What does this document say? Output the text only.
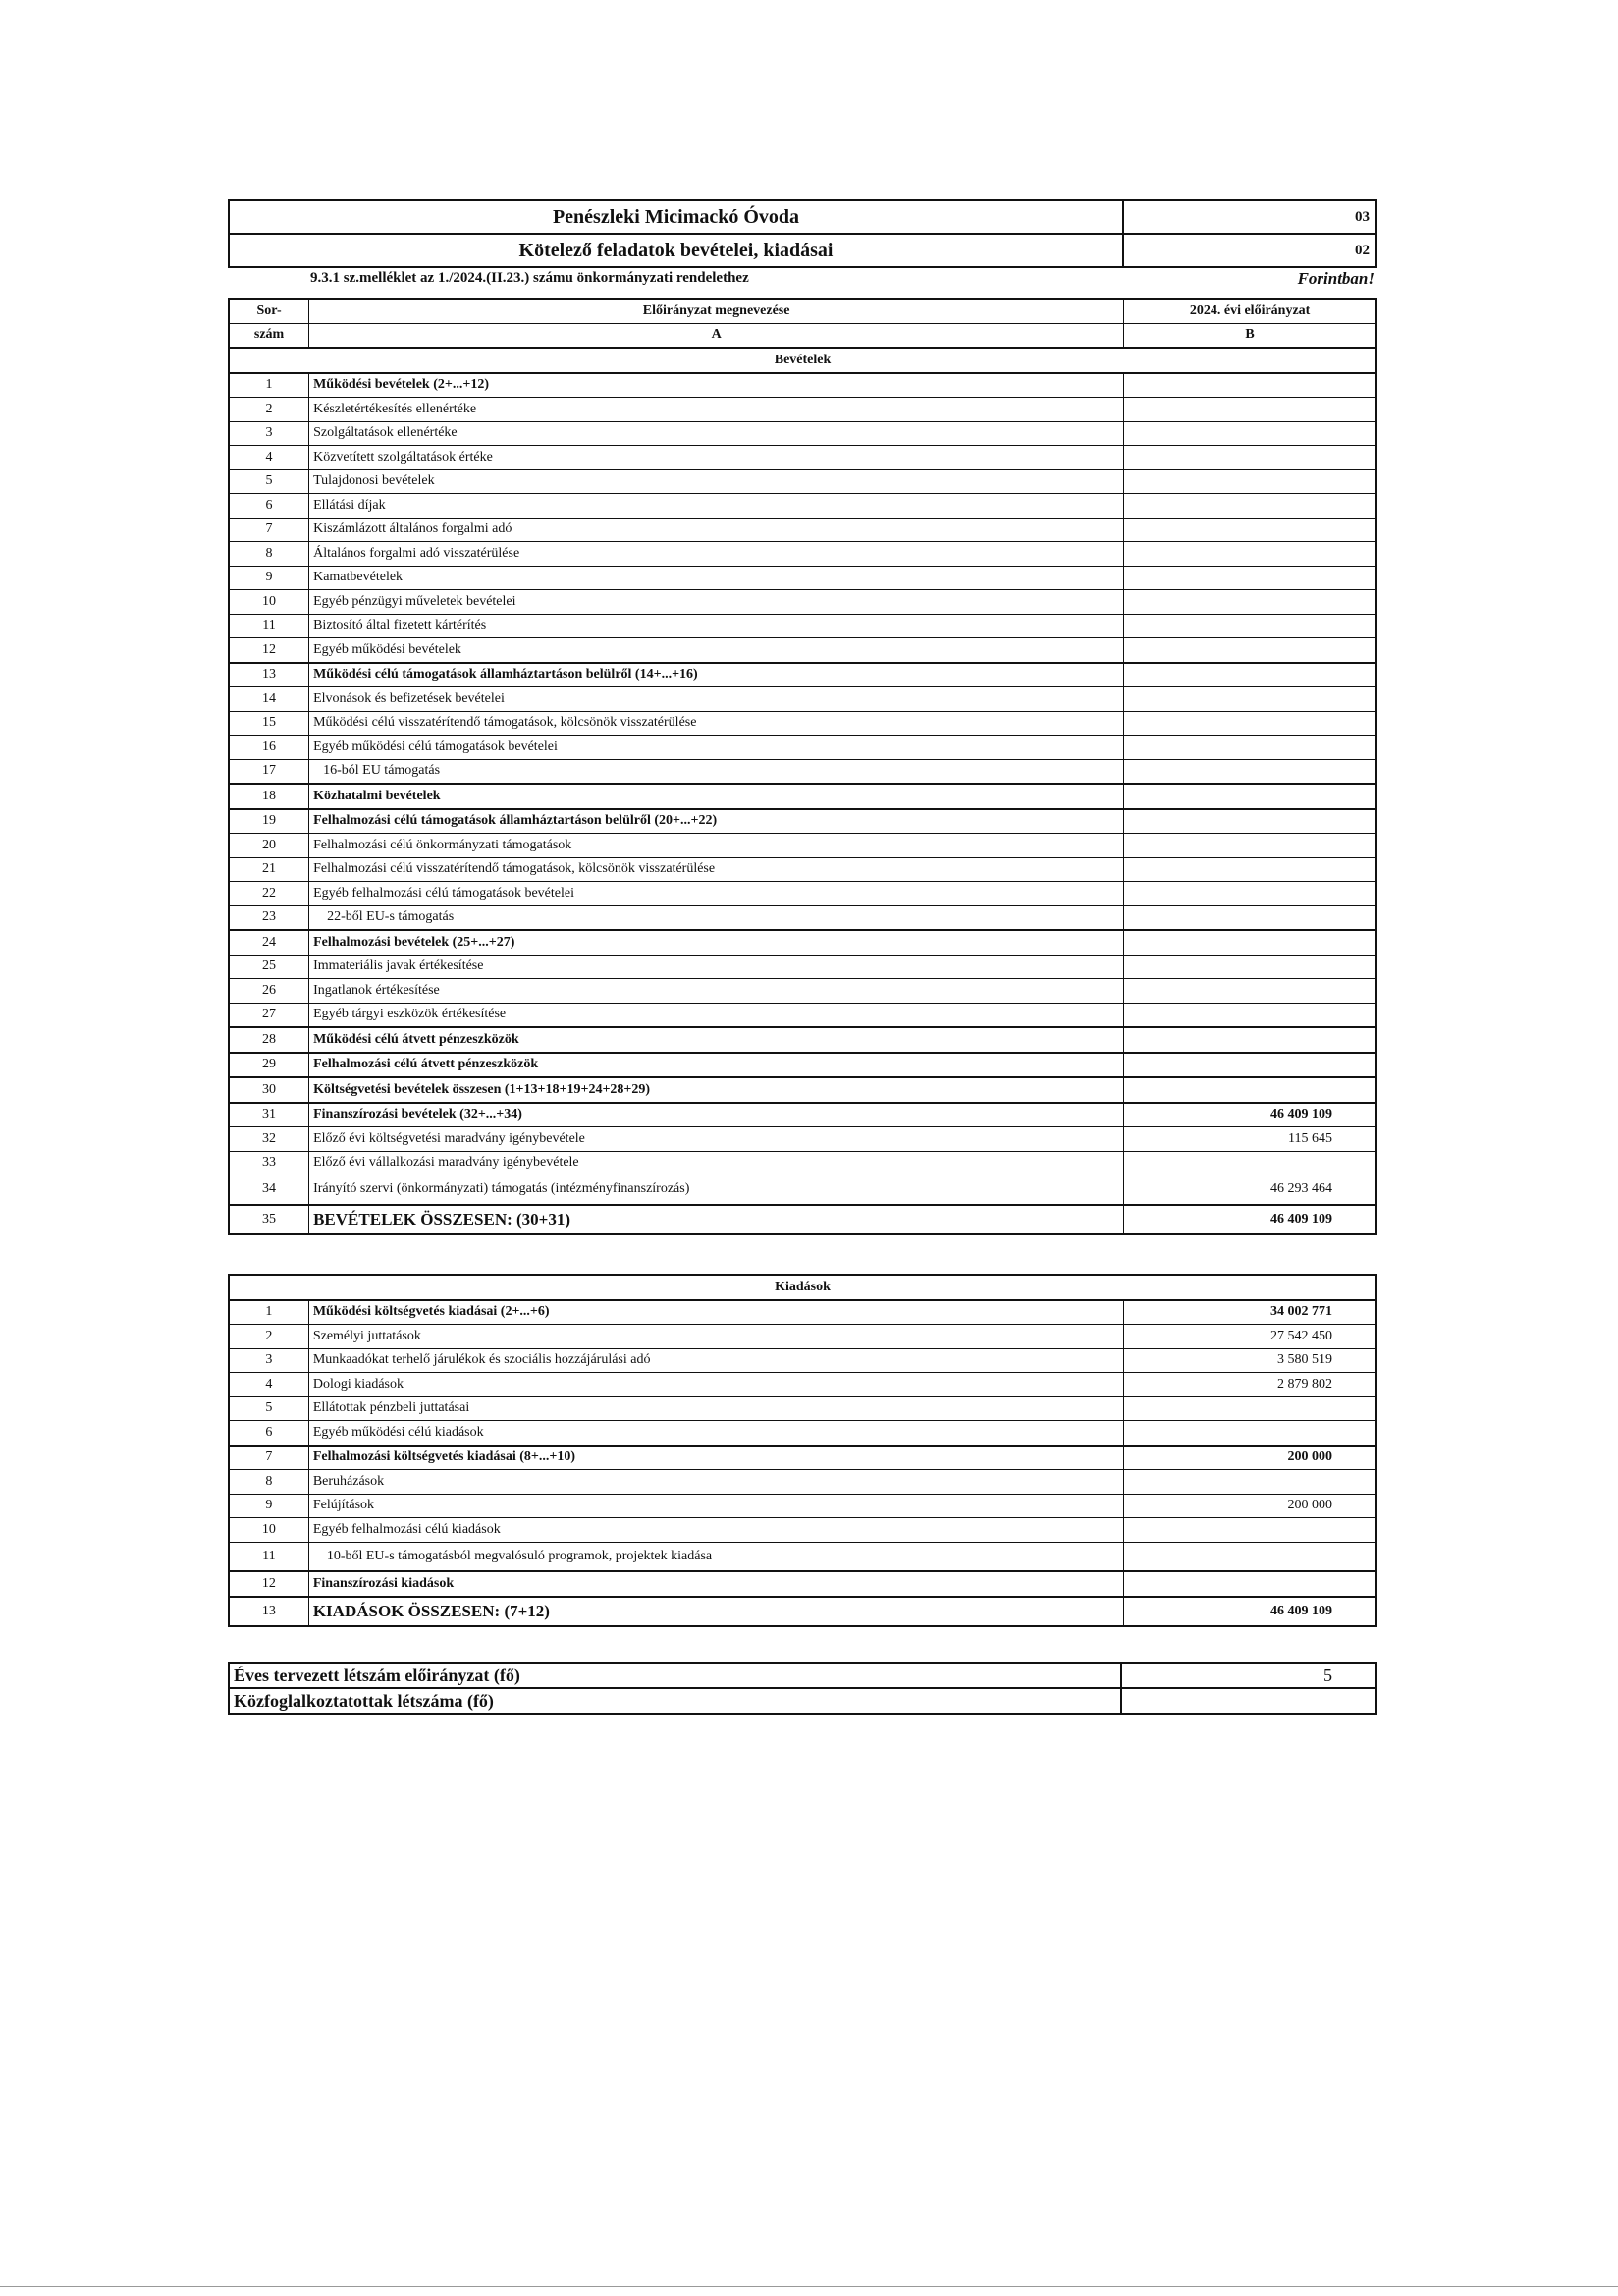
Penészleki Micimackó Óvoda	03
Kötelező feladatok bevételei, kiadásai	02
9.3.1 sz.melléklet az 1./2024.(II.23.) számu önkormányzati rendelethez	Forintban!
Sor-	Előirányzat megnevezése	2024. évi előirányzat
szám	A	B
Bevételek		
1	Működési bevételek (2+...+12)	
2	Készletértékesítés ellenértéke	
3	Szolgáltatások ellenértéke	
4	Közvetített szolgáltatások értéke	
5	Tulajdonosi bevételek	
6	Ellátási díjak	
7	Kiszámlázott általános forgalmi adó	
8	Általános forgalmi adó visszatérülése	
9	Kamatbevételek	
10	Egyéb pénzügyi műveletek bevételei	
11	Biztosító által fizetett kártérítés	
12	Egyéb működési bevételek	
13	Működési célú támogatások államháztartáson belülről (14+...+16)	
14	Elvonások és befizetések bevételei	
15	Működési célú visszatérítendő támogatások, kölcsönök visszatérülése	
16	Egyéb működési célú támogatások bevételei	
17	16-ból EU támogatás	
18	Közhatalmi bevételek	
19	Felhalmozási célú támogatások államháztartáson belülről (20+...+22)	
20	Felhalmozási célú önkormányzati támogatások	
21	Felhalmozási célú visszatérítendő támogatások, kölcsönök visszatérülése	
22	Egyéb felhalmozási célú támogatások bevételei	
23	22-ből EU-s támogatás	
24	Felhalmozási bevételek (25+...+27)	
25	Immateriális javak értékesítése	
26	Ingatlanok értékesítése	
27	Egyéb tárgyi eszközök értékesítése	
28	Működési célú átvett pénzeszközök	
29	Felhalmozási célú átvett pénzeszközök	
30	Költségvetési bevételek összesen (1+13+18+19+24+28+29)	
31	Finanszírozási bevételek (32+...+34)	46 409 109
32	Előző évi költségvetési maradvány igénybevétele	115 645
33	Előző évi vállalkozási maradvány igénybevétele	
34	Irányító szervi (önkormányzati) támogatás (intézményfinanszírozás)	46 293 464
35	BEVÉTELEK ÖSSZESEN: (30+31)	46 409 109
Kiadások		
1	Működési költségvetés kiadásai (2+...+6)	34 002 771
2	Személyi juttatások	27 542 450
3	Munkaadókat terhelő járulékok és szociális hozzájárulási adó	3 580 519
4	Dologi kiadások	2 879 802
5	Ellátottak pénzbeli juttatásai	
6	Egyéb működési célú kiadások	
7	Felhalmozási költségvetés kiadásai (8+...+10)	200 000
8	Beruházások	
9	Felújítások	200 000
10	Egyéb felhalmozási célú kiadások	
11	10-ből EU-s támogatásból megvalósuló programok, projektek kiadása	
12	Finanszírozási kiadások	
13	KIADÁSOK ÖSSZESEN: (7+12)	46 409 109
Éves tervezett létszám előirányzat (fő)	5
Közfoglalkoztatottak létszáma (fő)	
